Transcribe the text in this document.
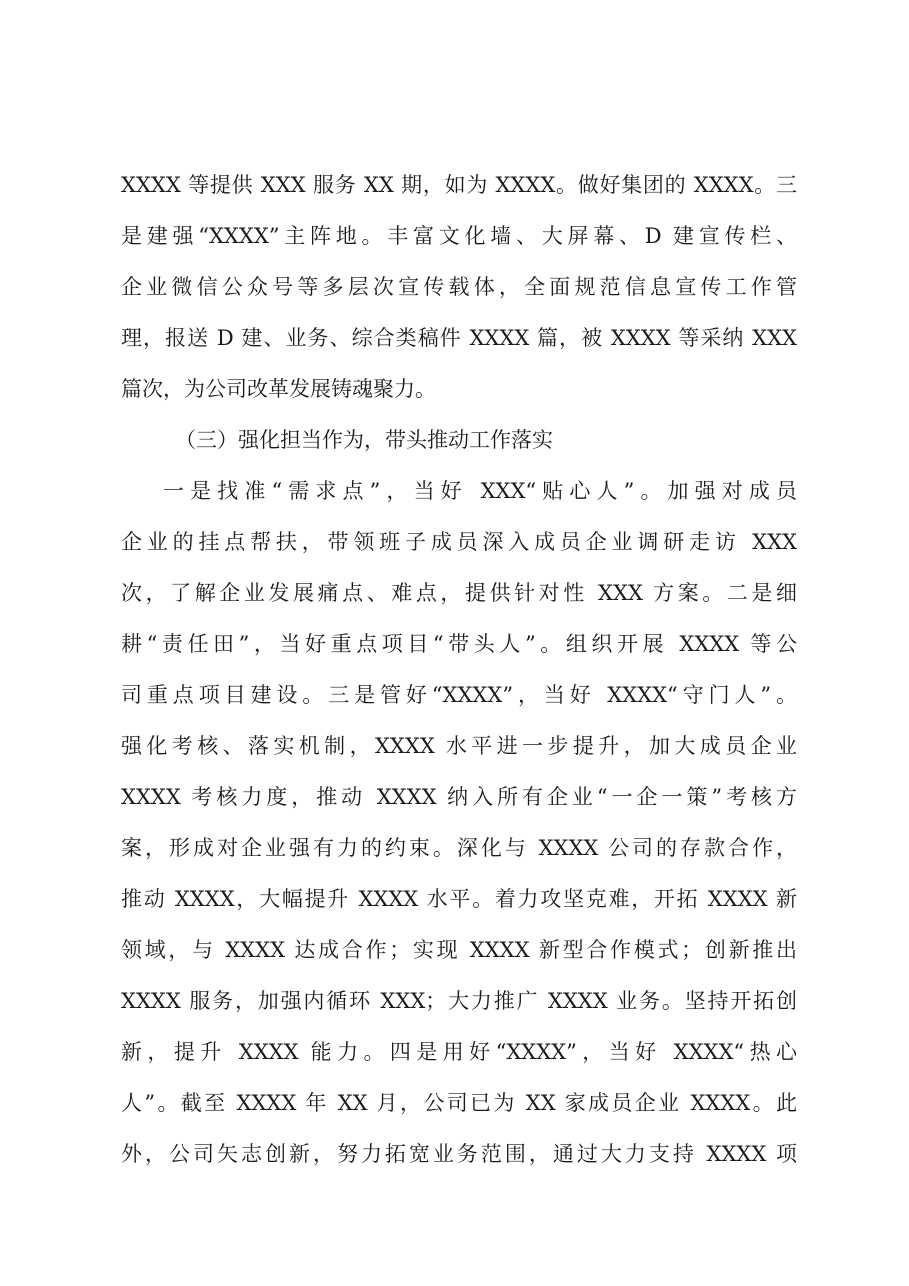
XXXX 等提供 XXX 服务 XX 期，如为 XXXX。做好集团的 XXXX。三
是建强“XXXX”主阵地。丰富文化墙、大屏幕、D 建宣传栏、
企业微信公众号等多层次宣传载体，全面规范信息宣传工作管
理，报送 D 建、业务、综合类稿件 XXXX 篇，被 XXXX 等采纳 XXX
篇次，为公司改革发展铸魂聚力。
（三）强化担当作为，带头推动工作落实
一是找准“需求点”，当好 XXX“贴心人”。加强对成员
企业的挂点帮扶，带领班子成员深入成员企业调研走访 XXX
次，了解企业发展痛点、难点，提供针对性 XXX 方案。二是细
耕“责任田”，当好重点项目“带头人”。组织开展 XXXX 等公
司重点项目建设。三是管好“XXXX”，当好 XXXX“守门人”。
强化考核、落实机制，XXXX 水平进一步提升，加大成员企业
XXXX 考核力度，推动 XXXX 纳入所有企业“一企一策”考核方
案，形成对企业强有力的约束。深化与 XXXX 公司的存款合作，
推动 XXXX，大幅提升 XXXX 水平。着力攻坚克难，开拓 XXXX 新
领域，与 XXXX 达成合作；实现 XXXX 新型合作模式；创新推出
XXXX 服务，加强内循环 XXX；大力推广 XXXX 业务。坚持开拓创
新，提升 XXXX 能力。四是用好“XXXX”，当好 XXXX“热心
人”。截至 XXXX 年 XX 月，公司已为 XX 家成员企业 XXXX。此
外，公司矢志创新，努力拓宽业务范围，通过大力支持 XXXX 项
